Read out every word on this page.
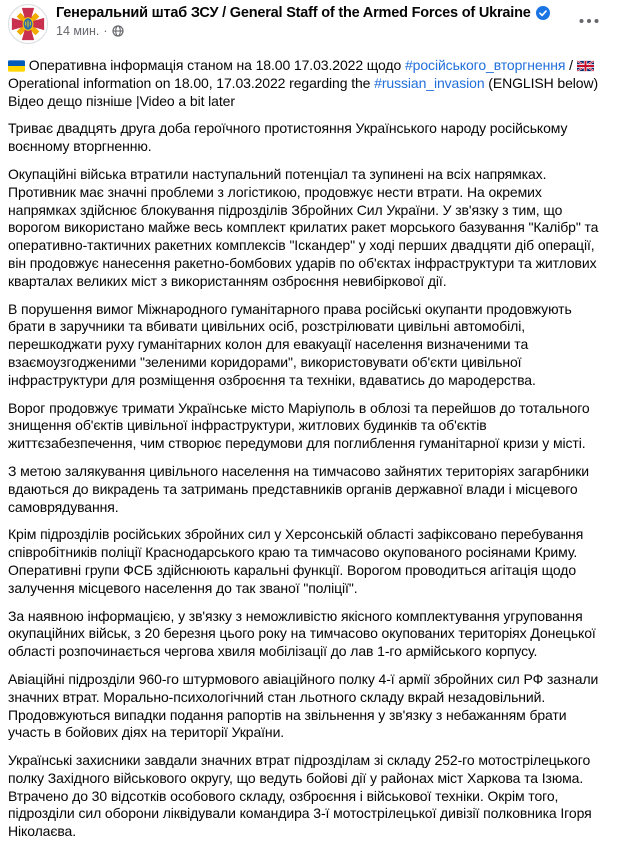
Генеральний штаб ЗСУ / General Staff of the Armed Forces of Ukraine
14 мин. ·
Оперативна інформація станом на 18.00 17.03.2022 щодо #російського_вторгнення /
Operational information on 18.00, 17.03.2022 regarding the #russian_invasion (ENGLISH below)
Відео дещо пізніше |Video a bit later
Триває двадцять друга доба героїчного протистояння Українського народу російському воєнному вторгненню.
Окупаційні війська втратили наступальний потенціал та зупинені на всіх напрямках. Противник має значні проблеми з логістикою, продовжує нести втрати. На окремих напрямках здійснює блокування підрозділів Збройних Сил України. У зв'язку з тим, що ворогом використано майже весь комплект крилатих ракет морського базування "Калібр" та оперативно-тактичних ракетних комплексів "Іскандер" у ході перших двадцяти діб операції, він продовжує нанесення ракетно-бомбових ударів по об'єктах інфраструктури та житлових кварталах великих міст з використанням озброєння невибіркової дії.
В порушення вимог Міжнародного гуманітарного права російські окупанти продовжують брати в заручники та вбивати цивільних осіб, розстрілювати цивільні автомобілі, перешкоджати руху гуманітарних колон для евакуації населення визначеними та взаємоузгодженими "зеленими коридорами", використовувати об'єкти цивільної інфраструктури для розміщення озброєння та техніки, вдаватись до мародерства.
Ворог продовжує тримати Українське місто Маріуполь в облозі та перейшов до тотального знищення об'єктів цивільної інфраструктури, житлових будинків та об'єктів життєзабезпечення, чим створює передумови для поглиблення гуманітарної кризи у місті.
З метою залякування цивільного населення на тимчасово зайнятих територіях загарбники вдаються до викрадень та затримань представників органів державної влади і місцевого самоврядування.
Крім підрозділів російських збройних сил у Херсонській області зафіксовано перебування співробітників поліції Краснодарського краю та тимчасово окупованого росіянами Криму. Оперативні групи ФСБ здійснюють каральні функції. Ворогом проводиться агітація щодо залучення місцевого населення до так званої "поліції".
За наявною інформацією, у зв'язку з неможливістю якісного комплектування угруповання окупаційних військ, з 20 березня цього року на тимчасово окупованих територіях Донецької області розпочинається чергова хвиля мобілізації до лав 1-го армійського корпусу.
Авіаційні підрозділи 960-го штурмового авіаційного полку 4-ї армії збройних сил РФ зазнали значних втрат. Морально-психологічний стан льотного складу вкрай незадовільний. Продовжуються випадки подання рапортів на звільнення у зв'язку з небажанням брати участь в бойових діях на території України.
Українські захисники завдали значних втрат підрозділам зі складу 252-го мотострілецького полку Західного військового округу, що ведуть бойові дії у районах міст Харкова та Ізюма. Втрачено до 30 відсотків особового складу, озброєння і військової техніки. Окрім того, підрозділи сил оборони ліквідували командира 3-ї мотострілецької дивізії полковника Ігоря Ніколаєва.
